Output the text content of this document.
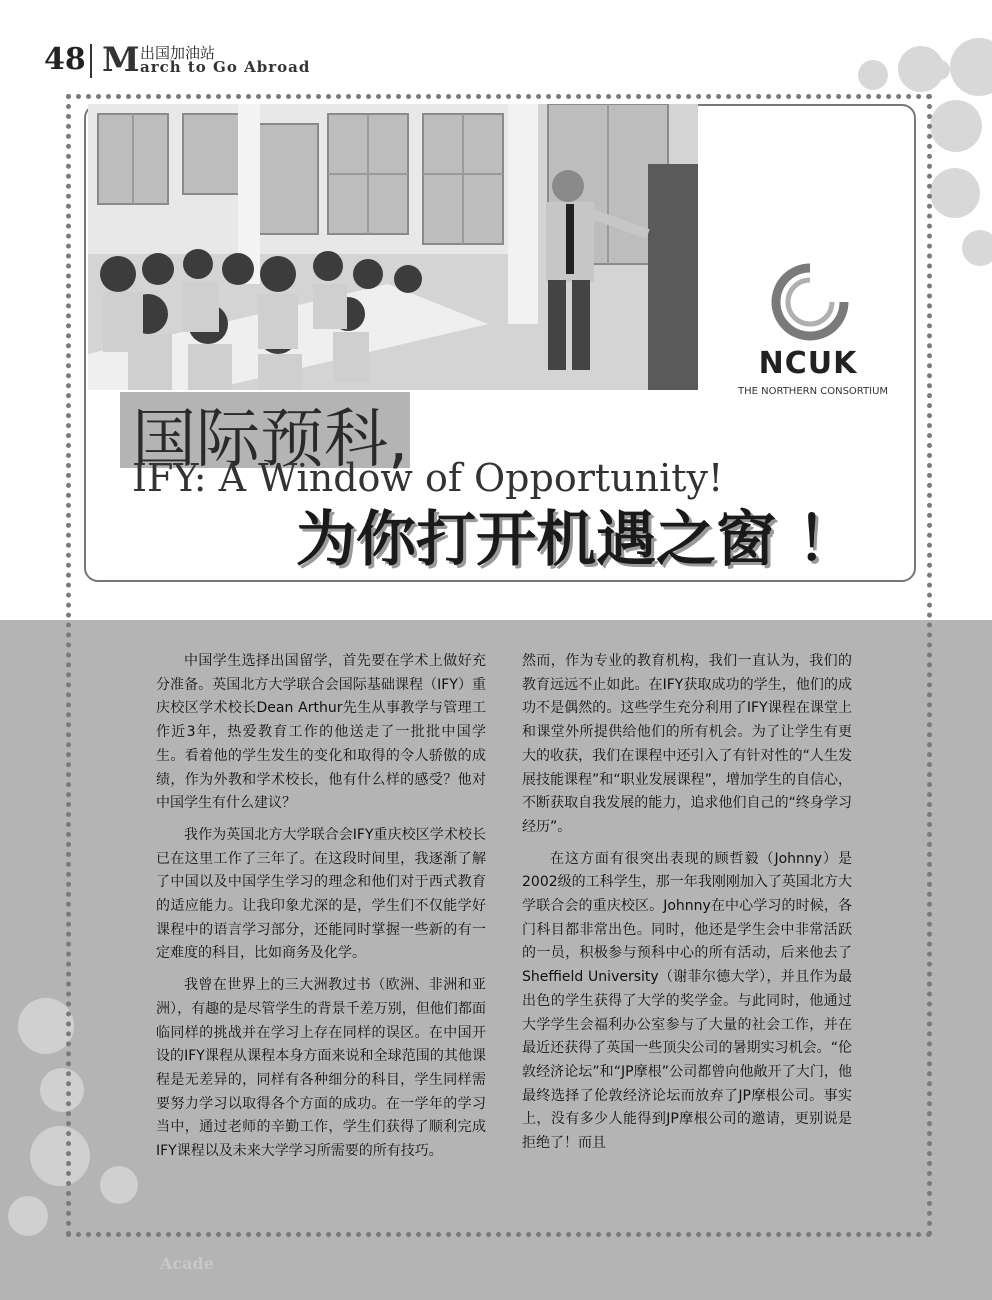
48 M 出国加油站
arch to Go Abroad
NCUK
THE NORTHERN CONSORTIUM
国际预科,
IFY: A Window of Opportunity!
为你打开机遇之窗 ！

中国学生选择出国留学，首先要在学术上做好充分准备。英国北方大学联合会国际基础课程（IFY）重庆校区学术校长Dean Arthur先生从事教学与管理工作近3年，热爱教育工作的他送走了一批批中国学生。看着他的学生发生的变化和取得的令人骄傲的成绩，作为外教和学术校长，他有什么样的感受？他对中国学生有什么建议？

我作为英国北方大学联合会IFY重庆校区学术校长已在这里工作了三年了。在这段时间里，我逐渐了解了中国以及中国学生学习的理念和他们对于西式教育的适应能力。让我印象尤深的是，学生们不仅能学好课程中的语言学习部分，还能同时掌握一些新的有一定难度的科目，比如商务及化学。

我曾在世界上的三大洲教过书（欧洲、非洲和亚洲），有趣的是尽管学生的背景千差万别，但他们都面临同样的挑战并在学习上存在同样的误区。在中国开设的IFY课程从课程本身方面来说和全球范围的其他课程是无差异的，同样有各种细分的科目，学生同样需要努力学习以取得各个方面的成功。在一学年的学习当中，通过老师的辛勤工作，学生们获得了顺利完成IFY课程以及未来大学学习所需要的所有技巧。

然而，作为专业的教育机构，我们一直认为，我们的教育远远不止如此。在IFY获取成功的学生，他们的成功不是偶然的。这些学生充分利用了IFY课程在课堂上和课堂外所提供给他们的所有机会。为了让学生有更大的收获，我们在课程中还引入了有针对性的“人生发展技能课程”和“职业发展课程”，增加学生的自信心，不断获取自我发展的能力，追求他们自己的“终身学习经历”。

在这方面有很突出表现的顾哲毅（Johnny）是2002级的工科学生，那一年我刚刚加入了英国北方大学联合会的重庆校区。Johnny在中心学习的时候，各门科目都非常出色。同时，他还是学生会中非常活跃的一员，积极参与预科中心的所有活动，后来他去了Sheffield University（谢菲尔德大学），并且作为最出色的学生获得了大学的奖学金。与此同时，他通过大学学生会福利办公室参与了大量的社会工作，并在最近还获得了英国一些顶尖公司的暑期实习机会。“伦敦经济论坛”和“JP摩根”公司都曾向他敞开了大门，他最终选择了伦敦经济论坛而放弃了JP摩根公司。事实上，没有多少人能得到JP摩根公司的邀请，更别说是拒绝了！而且

Acade
